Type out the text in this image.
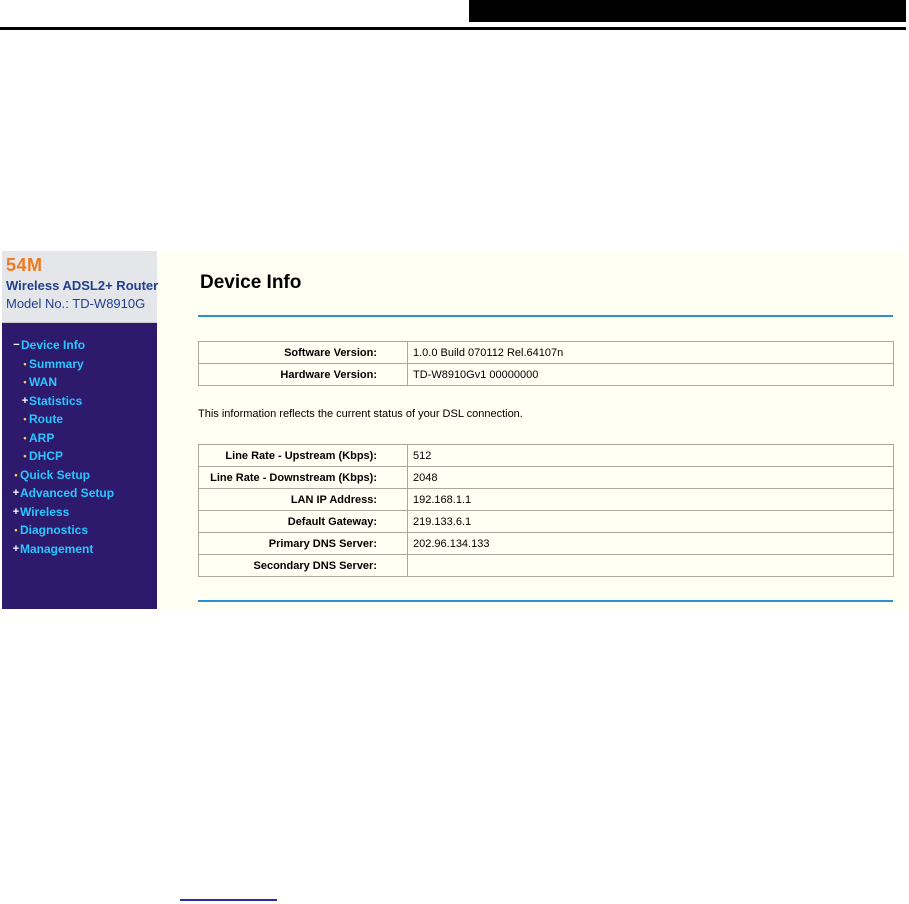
54M
Wireless ADSL2+ Router
Model No.: TD-W8910G
− Device Info
• Summary
• WAN
+ Statistics
• Route
• ARP
• DHCP
• Quick Setup
+ Advanced Setup
+ Wireless
• Diagnostics
+ Management
Device Info
Software Version:	1.0.0 Build 070112 Rel.64107n
Hardware Version:	TD-W8910Gv1 00000000
This information reflects the current status of your DSL connection.
Line Rate - Upstream (Kbps):	512
Line Rate - Downstream (Kbps):	2048
LAN IP Address:	192.168.1.1
Default Gateway:	219.133.6.1
Primary DNS Server:	202.96.134.133
Secondary DNS Server:	
